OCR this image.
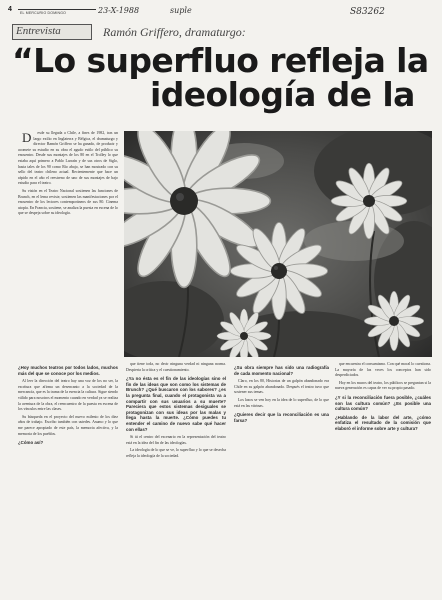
4 EL MERCURIO DOMINGO	23-X-1988	suple	S83262
Entrevista	Ramón Griffero, dramaturgo:
“Lo superfluo refleja la
ideología de la

Desde su llegada a Chile, a fines de 1982, tras un largo exilio en Inglaterra y Bélgica, el dramaturgo y director Ramón Griffero se ha ganado, de producir y acomete su estudio en su obra el agudo estilo del público su encuentro. Desde sus montajes de los 80 en el Trolley lo que estaba aquí primero a Pablo Larraín y de sus otros de Siglo, hasta tales de los 90 como Río abajo, se han mostrado con su sello del teatro chileno actual. Recientemente que hace un rápido en el año el reestreno de uno de sus montajes de bajo estudio para el teatro.

Su visión en el Teatro Nacional sostienen las funciones de Brunch, en el lema reviste, sostienen las manifestaciones por el encuentro de los lectores contemporáneos de sus 80. Cinema utopía. En Francia, sostiene, se analiza la puesta en escena de lo que se despeja sobre su ideología.

¿Hoy muchos teatros por todos lados, muchos más del que se conoce por los medios.

Al leer la dirección del teatro hay una voz de los no ser, la escritura que afirma un desencanto a la sociedad de la mercancía, que es la trama de la esencia la cultura. Sigue siendo válido para nosotros el momento cuando en verdad ya se realiza la aventura de la obra, el reencuentro de la puesta en escena de los vínculos entre las clases.

Su búsqueda en el proyecto del nuevo milenio de los diez años de trabajo. Escribo también con ustedes. Asumo y lo que me parece apropiado de este país, la memoria afectiva, y la memoria de los pueblos.

¿Cómo así?

que tiene toda, no decir ninguna verdad ni ninguna norma. Despierta la crítica y el cuestionamiento.

¿Ya no ésta es el fin de las ideologías sino el fin de las ideas que son como los sistemas de Brunch? ¿Qué buscaron con los sabores? ¿es la pregunta final, cuando el protagonista va a compartir con sus usuarios a su muerte? Pareciera que estos sistemas desiguales se protagonizan con sus ideas por las malas y llega hasta la muerte. ¿Cómo puedes tu entender el camino de nuevo sabe qué hacer con ellas?

Si tú el centro del escenario en la representación del teatro está en la idea del fin de las ideologías.

La ideología de lo que se ve, lo superfluo y lo que se desecha refleja la ideología de la sociedad.

¿Su obra siempre has sido una radiografía de cada momento nacional?

Claro, en los 80, Historias de un galpón abandonado era Chile en su galpón abandonado. Después el teatro tuvo que sostener sus temas.

Los lazos se ven hoy en la idea de lo superfluo, de lo que está en las vitrinas.

¿Quieres decir que la reconciliación es una farsa?

que encuentra el consumismo. Con qué moral lo cuestiona. La mayoría de las veces los conceptos han sido desperdiciados.

Hoy en los muros del teatro, los públicos se preguntan si la nueva generación es capaz de ver su propio pasado.

¿Y si la reconciliación fuera posible, ¿cuáles son las cultura común? ¿Es posible una cultura común?

¿Hablando de la labor del arte, ¿cómo enfatiza el resultado de la comisión que elaboró el informe sobre arte y cultura?
